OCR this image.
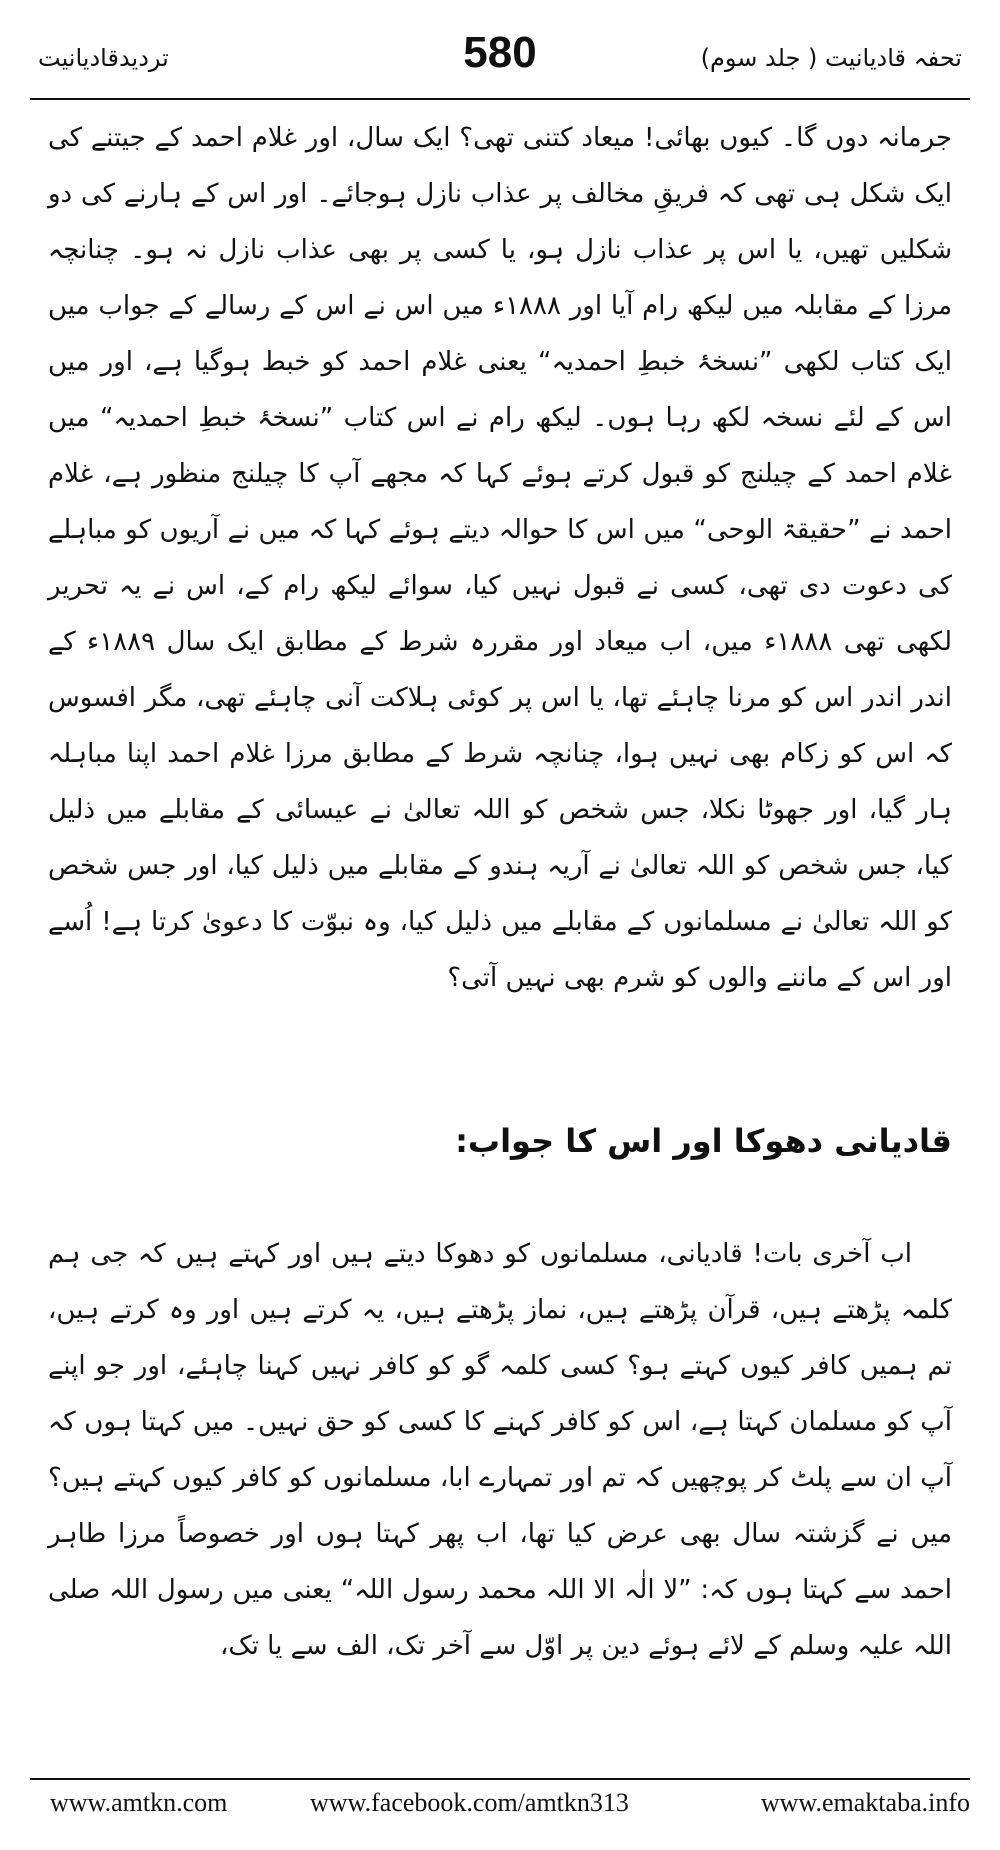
تردیدقادیانیت	580	تحفہ قادیانیت ( جلد سوم)

جرمانہ دوں گا۔ کیوں بھائی! میعاد کتنی تھی؟ ایک سال، اور غلام احمد کے جیتنے کی ایک شکل ہی تھی کہ فریقِ مخالف پر عذاب نازل ہوجائے۔ اور اس کے ہارنے کی دو شکلیں تھیں، یا اس پر عذاب نازل ہو، یا کسی پر بھی عذاب نازل نہ ہو۔ چنانچہ مرزا کے مقابلہ میں لیکھ رام آیا اور ۱۸۸۸ء میں اس نے اس کے رسالے کے جواب میں ایک کتاب لکھی ”نسخۂ خبطِ احمدیہ“ یعنی غلام احمد کو خبط ہوگیا ہے، اور میں اس کے لئے نسخہ لکھ رہا ہوں۔ لیکھ رام نے اس کتاب ”نسخۂ خبطِ احمدیہ“ میں غلام احمد کے چیلنج کو قبول کرتے ہوئے کہا کہ مجھے آپ کا چیلنج منظور ہے، غلام احمد نے ”حقیقۃ الوحی“ میں اس کا حوالہ دیتے ہوئے کہا کہ میں نے آریوں کو مباہلے کی دعوت دی تھی، کسی نے قبول نہیں کیا، سوائے لیکھ رام کے، اس نے یہ تحریر لکھی تھی ۱۸۸۸ء میں، اب میعاد اور مقررہ شرط کے مطابق ایک سال ۱۸۸۹ء کے اندر اندر اس کو مرنا چاہئے تھا، یا اس پر کوئی ہلاکت آنی چاہئے تھی، مگر افسوس کہ اس کو زکام بھی نہیں ہوا، چنانچہ شرط کے مطابق مرزا غلام احمد اپنا مباہلہ ہار گیا، اور جھوٹا نکلا، جس شخص کو اللہ تعالیٰ نے عیسائی کے مقابلے میں ذلیل کیا، جس شخص کو اللہ تعالیٰ نے آریہ ہندو کے مقابلے میں ذلیل کیا، اور جس شخص کو اللہ تعالیٰ نے مسلمانوں کے مقابلے میں ذلیل کیا، وہ نبوّت کا دعویٰ کرتا ہے! اُسے اور اس کے ماننے والوں کو شرم بھی نہیں آتی؟

قادیانی دھوکا اور اس کا جواب:

اب آخری بات! قادیانی، مسلمانوں کو دھوکا دیتے ہیں اور کہتے ہیں کہ جی ہم کلمہ پڑھتے ہیں، قرآن پڑھتے ہیں، نماز پڑھتے ہیں، یہ کرتے ہیں اور وہ کرتے ہیں، تم ہمیں کافر کیوں کہتے ہو؟ کسی کلمہ گو کو کافر نہیں کہنا چاہئے، اور جو اپنے آپ کو مسلمان کہتا ہے، اس کو کافر کہنے کا کسی کو حق نہیں۔ میں کہتا ہوں کہ آپ ان سے پلٹ کر پوچھیں کہ تم اور تمہارے ابا، مسلمانوں کو کافر کیوں کہتے ہیں؟ میں نے گزشتہ سال بھی عرض کیا تھا، اب پھر کہتا ہوں اور خصوصاً مرزا طاہر احمد سے کہتا ہوں کہ: ”لا الٰہ الا اللہ محمد رسول اللہ“ یعنی میں رسول اللہ صلی اللہ علیہ وسلم کے لائے ہوئے دین پر اوّل سے آخر تک، الف سے یا تک،

www.amtkn.com	www.facebook.com/amtkn313	www.emaktaba.info
